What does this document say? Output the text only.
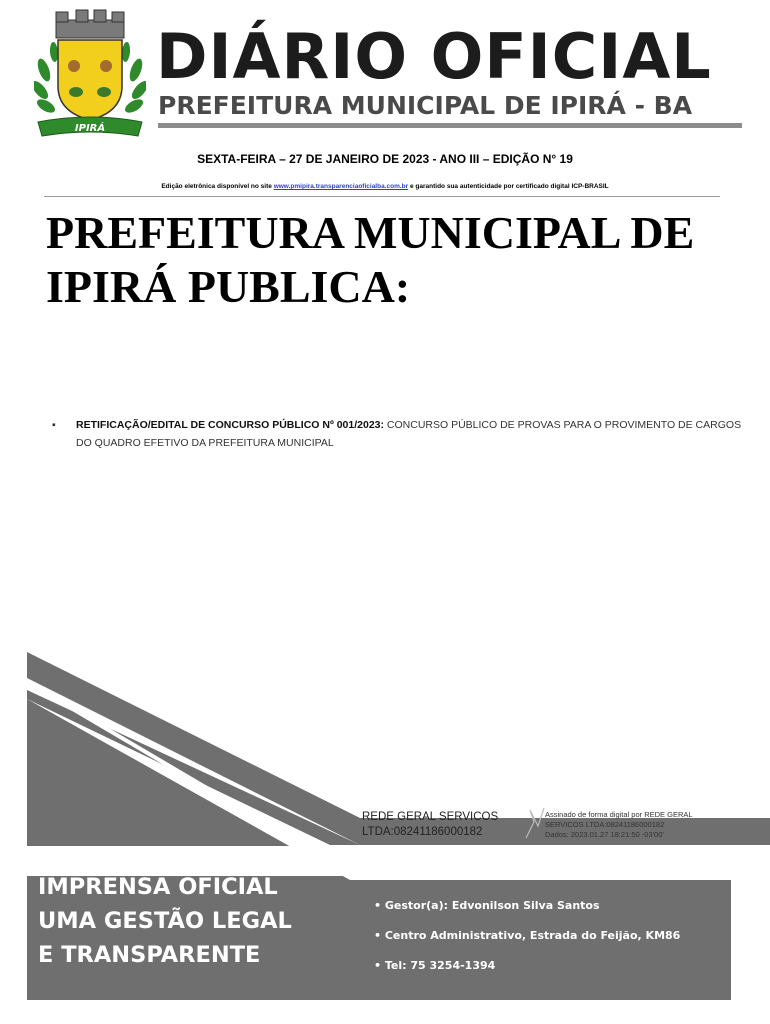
IPIRÁ
DIÁRIO OFICIAL
PREFEITURA MUNICIPAL DE IPIRÁ - BA
SEXTA-FEIRA – 27 DE JANEIRO DE 2023 - ANO III – EDIÇÃO N° 19
Edição eletrônica disponível no site www.pmipira.transparenciaoficialba.com.br e garantido sua autenticidade por certificado digital ICP-BRASIL
PREFEITURA MUNICIPAL DE IPIRÁ PUBLICA:
▪ RETIFICAÇÃO/EDITAL DE CONCURSO PÚBLICO Nº 001/2023: CONCURSO PÚBLICO DE PROVAS PARA O PROVIMENTO DE CARGOS DO QUADRO EFETIVO DA PREFEITURA MUNICIPAL
REDE GERAL SERVICOS
LTDA:08241186000182
Assinado de forma digital por REDE GERAL
SERVICOS LTDA:08241186000182
Dados: 2023.01.27 18:21:50 -03'00'
IMPRENSA OFICIAL
UMA GESTÃO LEGAL
E TRANSPARENTE
• Gestor(a): Edvonilson Silva Santos
• Centro Administrativo, Estrada do Feijão, KM86
• Tel: 75 3254-1394
